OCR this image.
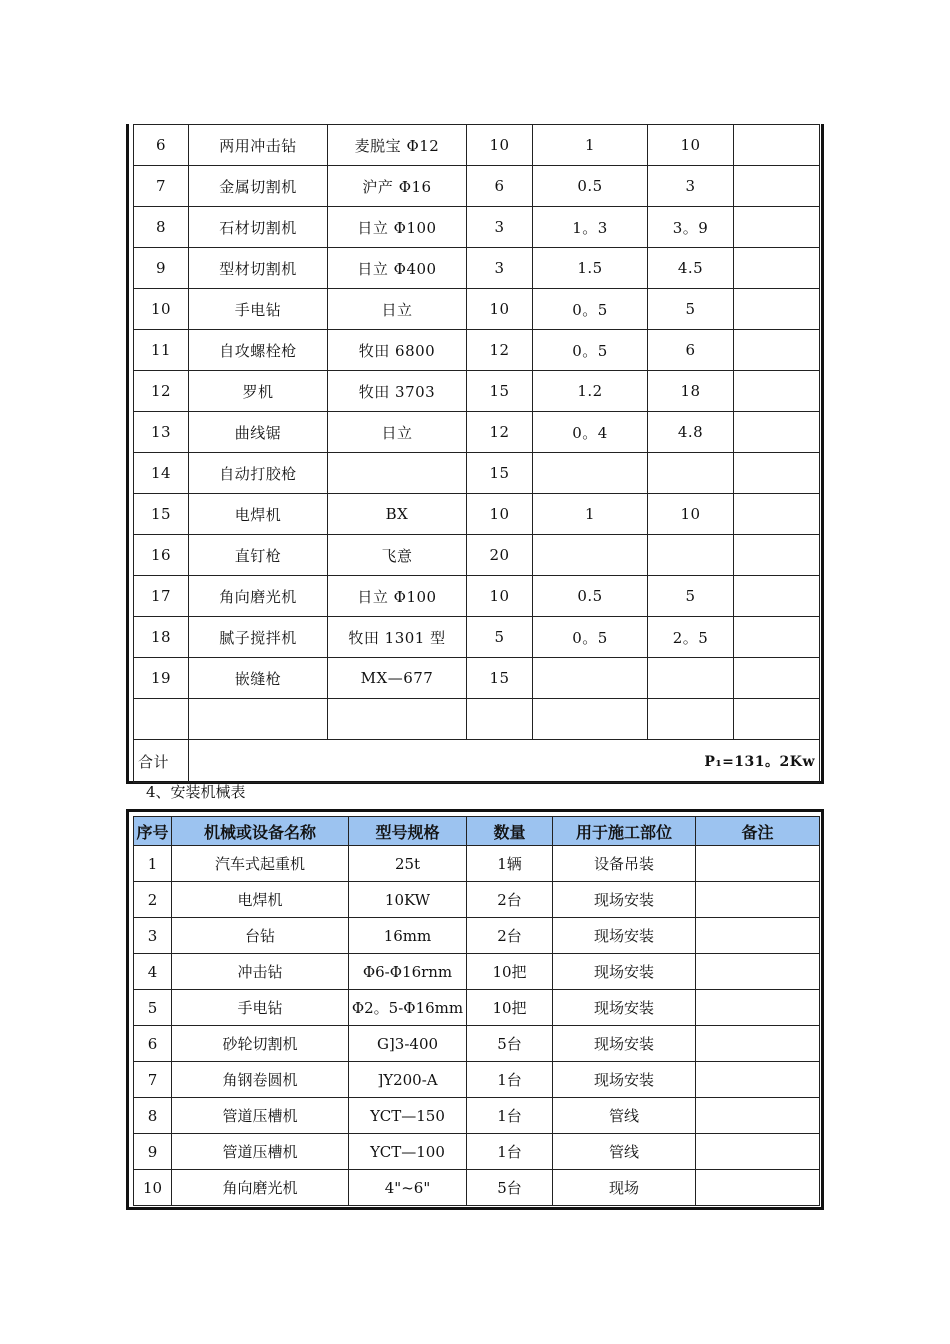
6	两用冲击钻	麦脱宝 Φ12	10	1	10	
7	金属切割机	沪产 Φ16	6	0.5	3	
8	石材切割机	日立 Φ100	3	1。3	3。9	
9	型材切割机	日立 Φ400	3	1.5	4.5	
10	手电钻	日立	10	0。5	5	
11	自攻螺栓枪	牧田 6800	12	0。5	6	
12	罗机	牧田 3703	15	1.2	18	
13	曲线锯	日立	12	0。4	4.8	
14	自动打胶枪		15			
15	电焊机	BX	10	1	10	
16	直钉枪	飞意	20			
17	角向磨光机	日立 Φ100	10	0.5	5	
18	腻子搅拌机	牧田 1301 型	5	0。5	2。5	
19	嵌缝枪	MX—677	15			

合计	P₁=131。2Kw					
4、安装机械表
序号	机械或设备名称	型号规格	数量	用于施工部位	备注
1	汽车式起重机	25t	1辆	设备吊装	
2	电焊机	10KW	2台	现场安装	
3	台钻	16mm	2台	现场安装	
4	冲击钻	Φ6-Φ16rnm	10把	现场安装	
5	手电钻	Φ2。5-Φ16mm	10把	现场安装	
6	砂轮切割机	G]3-400	5台	现场安装	
7	角钢卷圆机	]Y200-A	1台	现场安装	
8	管道压槽机	YCT—150	1台	管线	
9	管道压槽机	YCT—100	1台	管线	
10	角向磨光机	4"~6"	5台	现场	
